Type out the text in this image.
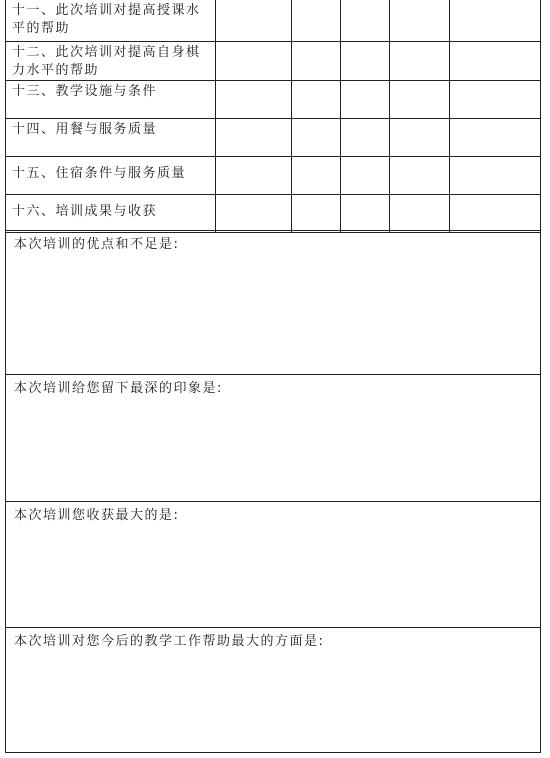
十一、此次培训对提高授课水平的帮助					

十二、此次培训对提高自身棋力水平的帮助					

十三、教学设施与条件					

十四、用餐与服务质量					

十五、住宿条件与服务质量					

十六、培训成果与收获					

本次培训的优点和不足是:
本次培训给您留下最深的印象是:
本次培训您收获最大的是:
本次培训对您今后的教学工作帮助最大的方面是:
